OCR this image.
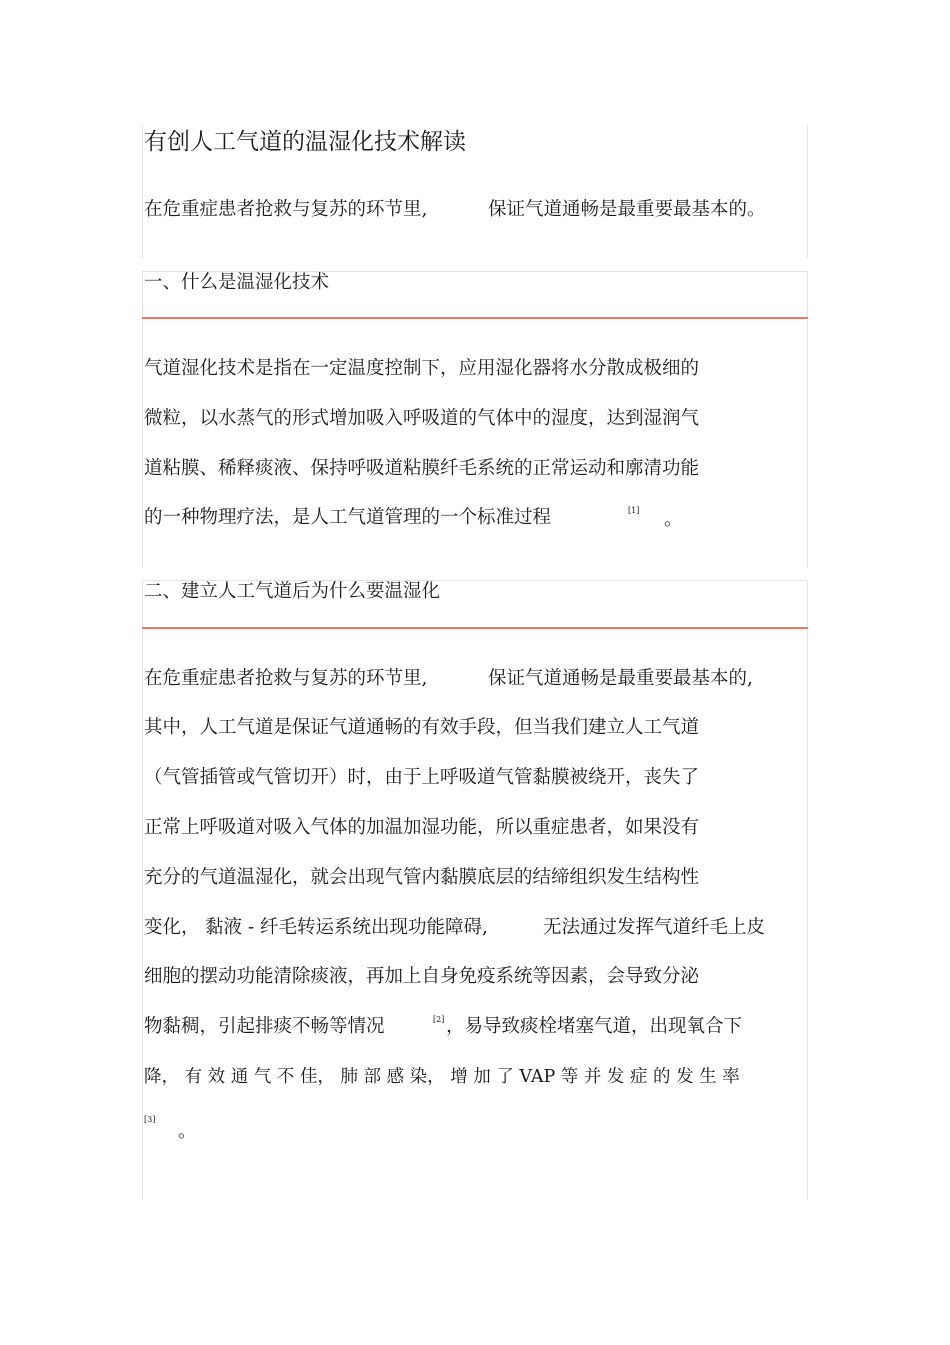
有创人工气道的温湿化技术解读
在危重症患者抢救与复苏的环节里,	保证气道通畅是最重要最基本的。
一、什么是温湿化技术
气道湿化技术是指在一定温度控制下，应用湿化器将水分散成极细的
微粒，以水蒸气的形式增加吸入呼吸道的气体中的湿度，达到湿润气
道粘膜、稀释痰液、保持呼吸道粘膜纤毛系统的正常运动和廓清功能
的一种物理疗法，是人工气道管理的一个标准过程	[1] 。
二、建立人工气道后为什么要温湿化
在危重症患者抢救与复苏的环节里,	保证气道通畅是最重要最基本的,
其中，人工气道是保证气道通畅的有效手段，但当我们建立人工气道
（气管插管或气管切开）时，由于上呼吸道气管黏膜被绕开，丧失了
正常上呼吸道对吸入气体的加温加湿功能，所以重症患者，如果没有
充分的气道温湿化，就会出现气管内黏膜底层的结缔组织发生结构性
变化， 黏液 - 纤毛转运系统出现功能障碍,	无法通过发挥气道纤毛上皮
细胞的摆动功能清除痰液，再加上自身免疫系统等因素，会导致分泌
物黏稠，引起排痰不畅等情况	[2] ，易导致痰栓堵塞气道，出现氧合下
降， 有 效 通 气 不 佳， 肺 部 感 染， 增 加 了 VAP 等 并 发 症 的 发 生 率
[3]
。
